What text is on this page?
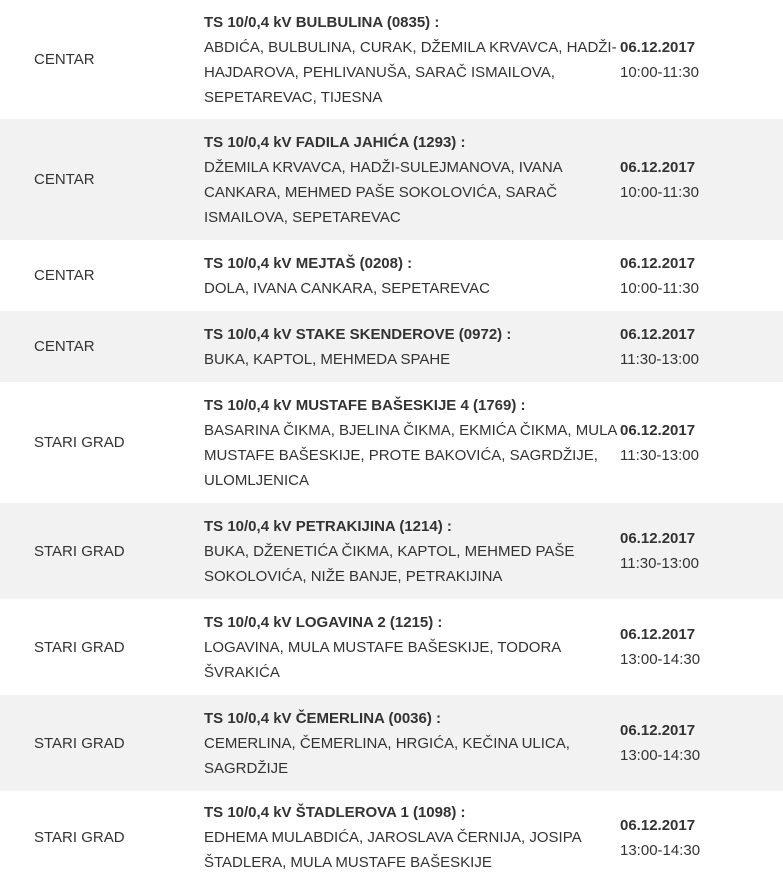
CENTAR	TS 10/0,4 kV BULBULINA (0835) :
ABDIĆA, BULBULINA, CURAK, DŽEMILA KRVAVCA, HADŽI-HAJDAROVA, PEHLIVANUŠA, SARAČ ISMAILOVA, SEPETAREVAC, TIJESNA	06.12.2017
10:00-11:30

CENTAR	TS 10/0,4 kV FADILA JAHIĆA (1293) :
DŽEMILA KRVAVCA, HADŽI-SULEJMANOVA, IVANA CANKARA, MEHMED PAŠE SOKOLOVIĆA, SARAČ ISMAILOVA, SEPETAREVAC	06.12.2017
10:00-11:30

CENTAR	TS 10/0,4 kV MEJTAŠ (0208) :
DOLA, IVANA CANKARA, SEPETAREVAC	06.12.2017
10:00-11:30

CENTAR	TS 10/0,4 kV STAKE SKENDEROVE (0972) :
BUKA, KAPTOL, MEHMEDA SPAHE	06.12.2017
11:30-13:00

STARI GRAD	TS 10/0,4 kV MUSTAFE BAŠESKIJE 4 (1769) :
BASARINA ČIKMA, BJELINA ČIKMA, EKMIĆA ČIKMA, MULA MUSTAFE BAŠESKIJE, PROTE BAKOVIĆA, SAGRDŽIJE, ULOMLJENICA	06.12.2017
11:30-13:00

STARI GRAD	TS 10/0,4 kV PETRAKIJINA (1214) :
BUKA, DŽENETIĆA ČIKMA, KAPTOL, MEHMED PAŠE SOKOLOVIĆA, NIŽE BANJE, PETRAKIJINA	06.12.2017
11:30-13:00

STARI GRAD	TS 10/0,4 kV LOGAVINA 2 (1215) :
LOGAVINA, MULA MUSTAFE BAŠESKIJE, TODORA ŠVRAKIĆA	06.12.2017
13:00-14:30

STARI GRAD	TS 10/0,4 kV ČEMERLINA (0036) :
CEMERLINA, ČEMERLINA, HRGIĆA, KEČINA ULICA, SAGRDŽIJE	06.12.2017
13:00-14:30

STARI GRAD	TS 10/0,4 kV ŠTADLEROVA 1 (1098) :
EDHEMA MULABDIĆA, JAROSLAVA ČERNIJA, JOSIPA ŠTADLERA, MULA MUSTAFE BAŠESKIJE	06.12.2017
13:00-14:30
